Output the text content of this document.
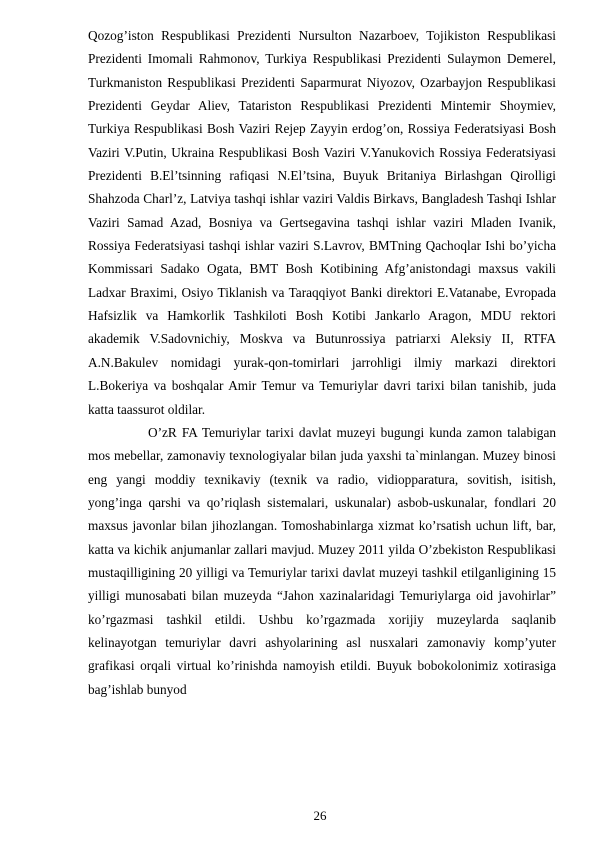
Qozog’iston Respublikasi Prezidenti Nursulton Nazarboev, Tojikiston Respublikasi Prezidenti Imomali Rahmonov, Turkiya Respublikasi Prezidenti Sulaymon Demerel, Turkmaniston Respublikasi Prezidenti Saparmurat Niyozov, Ozarbayjon Respublikasi Prezidenti Geydar Aliev, Tatariston Respublikasi Prezidenti Mintemir Shoymiev, Turkiya Respublikasi Bosh Vaziri Rejep Zayyin erdog’on, Rossiya Federatsiyasi Bosh Vaziri V.Putin, Ukraina Respublikasi Bosh Vaziri V.Yanukovich Rossiya Federatsiyasi Prezidenti B.El’tsinning rafiqasi N.El’tsina, Buyuk Britaniya Birlashgan Qirolligi Shahzoda Charl’z, Latviya tashqi ishlar vaziri Valdis Birkavs, Bangladesh Tashqi Ishlar Vaziri Samad Azad, Bosniya va Gertsegavina tashqi ishlar vaziri Mladen Ivanik, Rossiya Federatsiyasi tashqi ishlar vaziri S.Lavrov, BMTning Qachoqlar Ishi bo’yicha Kommissari Sadako Ogata, BMT Bosh Kotibining Afg’anistondagi maxsus vakili Ladxar Braximi, Osiyo Tiklanish va Taraqqiyot Banki direktori E.Vatanabe, Evropada Hafsizlik va Hamkorlik Tashkiloti Bosh Kotibi Jankarlo Aragon, MDU rektori akademik V.Sadovnichiy, Moskva va Butunrossiya patriarxi Aleksiy II, RTFA A.N.Bakulev nomidagi yurak-qon-tomirlari jarrohligi ilmiy markazi direktori L.Bokeriya va boshqalar Amir Temur va Temuriylar davri tarixi bilan tanishib, juda katta taassurot oldilar.

O’zR FA Temuriylar tarixi davlat muzeyi bugungi kunda zamon talabigan mos mebellar, zamonaviy texnologiyalar bilan juda yaxshi ta`minlangan. Muzey binosi eng yangi moddiy texnikaviy (texnik va radio, vidiopparatura, sovitish, isitish, yong’inga qarshi va qo’riqlash sistemalari, uskunalar) asbob-uskunalar, fondlari 20 maxsus javonlar bilan jihozlangan. Tomoshabinlarga xizmat ko’rsatish uchun lift, bar, katta va kichik anjumanlar zallari mavjud. Muzey 2011 yilda O’zbekiston Respublikasi mustaqilligining 20 yilligi va Temuriylar tarixi davlat muzeyi tashkil etilganligining 15 yilligi munosabati bilan muzeyda “Jahon xazinalaridagi Temuriylarga oid javohirlar” ko’rgazmasi tashkil etildi. Ushbu ko’rgazmada xorijiy muzeylarda saqlanib kelinayotgan temuriylar davri ashyolarining asl nusxalari zamonaviy komp’yuter grafikasi orqali virtual ko’rinishda namoyish etildi. Buyuk bobokolonimiz xotirasiga bag’ishlab bunyod

26
